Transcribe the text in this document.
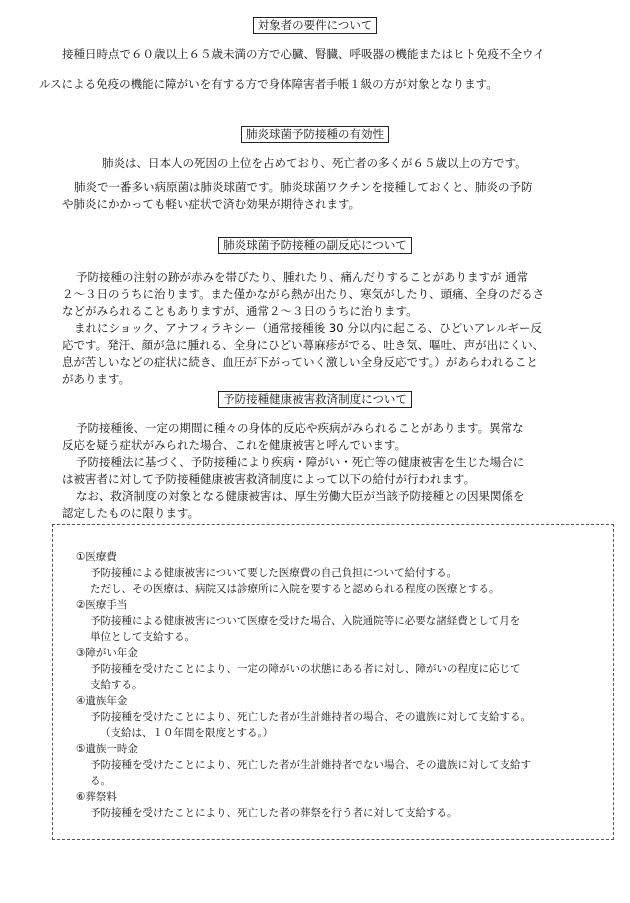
対象者の要件について

接種日時点で６０歳以上６５歳未満の方で心臓、腎臓、呼吸器の機能またはヒト免疫不全ウイ

ルスによる免疫の機能に障がいを有する方で身体障害者手帳１級の方が対象となります。

肺炎球菌予防接種の有効性

肺炎は、日本人の死因の上位を占めており、死亡者の多くが６５歳以上の方です。

肺炎で一番多い病原菌は肺炎球菌です。肺炎球菌ワクチンを接種しておくと、肺炎の予防

や肺炎にかかっても軽い症状で済む効果が期待されます。

肺炎球菌予防接種の副反応について

予防接種の注射の跡が赤みを帯びたり、腫れたり、痛んだりすることがありますが 通常

２～３日のうちに治ります。また僅かながら熱が出たり、寒気がしたり、頭痛、全身のだるさ

などがみられることもありますが、通常２～３日のうちに治ります。

まれにショック、アナフィラキシー（通常接種後 30 分以内に起こる、ひどいアレルギー反

応です。発汗、顔が急に腫れる、全身にひどい蕁麻疹がでる、吐き気、嘔吐、声が出にくい、

息が苦しいなどの症状に続き、血圧が下がっていく激しい全身反応です。）があらわれること

があります。

予防接種健康被害救済制度について

予防接種後、一定の期間に種々の身体的反応や疾病がみられることがあります。異常な

反応を疑う症状がみられた場合、これを健康被害と呼んでいます。

予防接種法に基づく、予防接種により疾病・障がい・死亡等の健康被害を生じた場合に

は被害者に対して予防接種健康被害救済制度によって以下の給付が行われます。

なお、救済制度の対象となる健康被害は、厚生労働大臣が当該予防接種との因果関係を

認定したものに限ります。

①医療費
予防接種による健康被害について要した医療費の自己負担について給付する。
ただし、その医療は、病院又は診療所に入院を要すると認められる程度の医療とする。
②医療手当
予防接種による健康被害について医療を受けた場合、入院通院等に必要な諸経費として月を
単位として支給する。
③障がい年金
予防接種を受けたことにより、一定の障がいの状態にある者に対し、障がいの程度に応じて
支給する。
④遺族年金
予防接種を受けたことにより、死亡した者が生計維持者の場合、その遺族に対して支給する。
（支給は、１０年間を限度とする。）
⑤遺族一時金
予防接種を受けたことにより、死亡した者が生計維持者でない場合、その遺族に対して支給す
る。
⑥葬祭料
予防接種を受けたことにより、死亡した者の葬祭を行う者に対して支給する。
